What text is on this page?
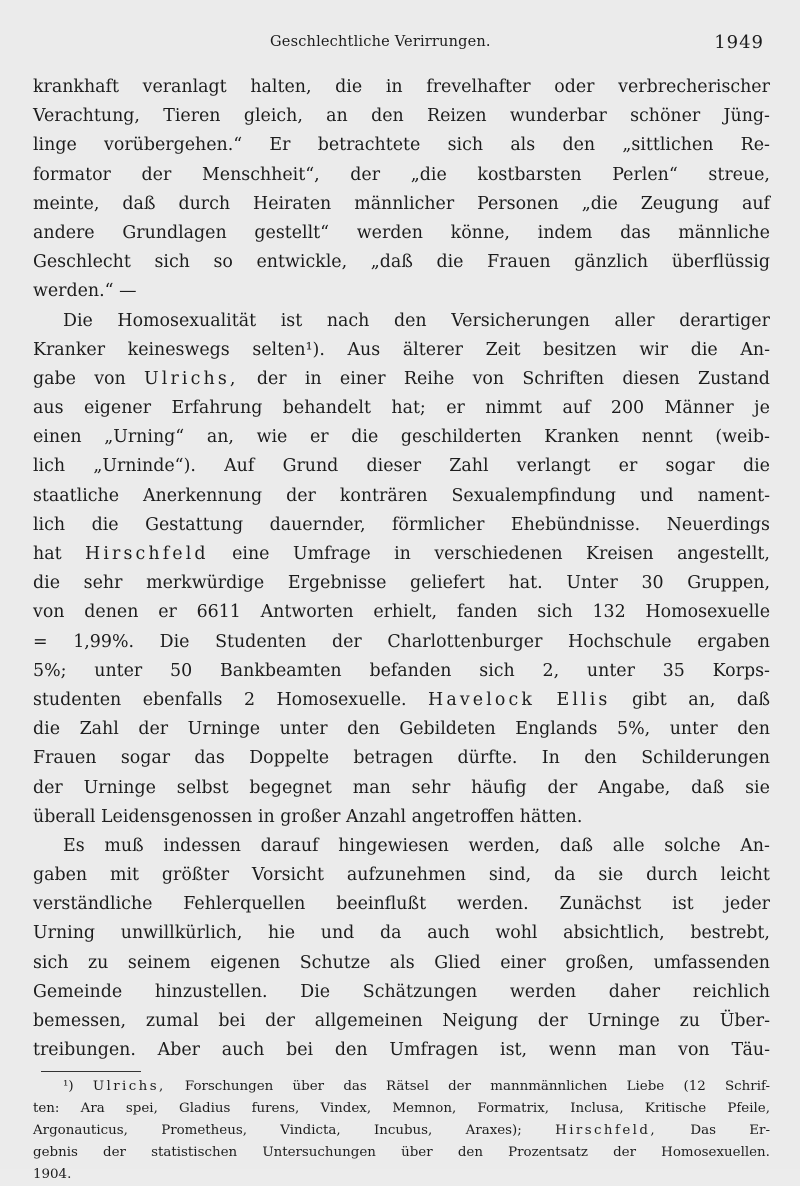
Geschlechtliche Verirrungen.	1949
krankhaft veranlagt halten, die in frevelhafter oder verbrecherischer
Verachtung, Tieren gleich, an den Reizen wunderbar schöner Jüng-
linge vorübergehen.“ Er betrachtete sich als den „sittlichen Re-
formator der Menschheit“, der „die kostbarsten Perlen“ streue,
meinte, daß durch Heiraten männlicher Personen „die Zeugung auf
andere Grundlagen gestellt“ werden könne, indem das männliche
Geschlecht sich so entwickle, „daß die Frauen gänzlich überflüssig
werden.“ —
Die Homosexualität ist nach den Versicherungen aller derartiger
Kranker keineswegs selten¹). Aus älterer Zeit besitzen wir die An-
gabe von Ulrichs, der in einer Reihe von Schriften diesen Zustand
aus eigener Erfahrung behandelt hat; er nimmt auf 200 Männer je
einen „Urning“ an, wie er die geschilderten Kranken nennt (weib-
lich „Urninde“). Auf Grund dieser Zahl verlangt er sogar die
staatliche Anerkennung der konträren Sexualempfindung und nament-
lich die Gestattung dauernder, förmlicher Ehebündnisse. Neuerdings
hat Hirschfeld eine Umfrage in verschiedenen Kreisen angestellt,
die sehr merkwürdige Ergebnisse geliefert hat. Unter 30 Gruppen,
von denen er 6611 Antworten erhielt, fanden sich 132 Homosexuelle
= 1,99%. Die Studenten der Charlottenburger Hochschule ergaben
5%; unter 50 Bankbeamten befanden sich 2, unter 35 Korps-
studenten ebenfalls 2 Homosexuelle. Havelock Ellis gibt an, daß
die Zahl der Urninge unter den Gebildeten Englands 5%, unter den
Frauen sogar das Doppelte betragen dürfte. In den Schilderungen
der Urninge selbst begegnet man sehr häufig der Angabe, daß sie
überall Leidensgenossen in großer Anzahl angetroffen hätten.
Es muß indessen darauf hingewiesen werden, daß alle solche An-
gaben mit größter Vorsicht aufzunehmen sind, da sie durch leicht
verständliche Fehlerquellen beeinflußt werden. Zunächst ist jeder
Urning unwillkürlich, hie und da auch wohl absichtlich, bestrebt,
sich zu seinem eigenen Schutze als Glied einer großen, umfassenden
Gemeinde hinzustellen. Die Schätzungen werden daher reichlich
bemessen, zumal bei der allgemeinen Neigung der Urninge zu Über-
treibungen. Aber auch bei den Umfragen ist, wenn man von Täu-
¹) Ulrichs, Forschungen über das Rätsel der mannmännlichen Liebe (12 Schrif-
ten: Ara spei, Gladius furens, Vindex, Memnon, Formatrix, Inclusa, Kritische Pfeile,
Argonauticus, Prometheus, Vindicta, Incubus, Araxes); Hirschfeld, Das Er-
gebnis der statistischen Untersuchungen über den Prozentsatz der Homosexuellen.
1904.
